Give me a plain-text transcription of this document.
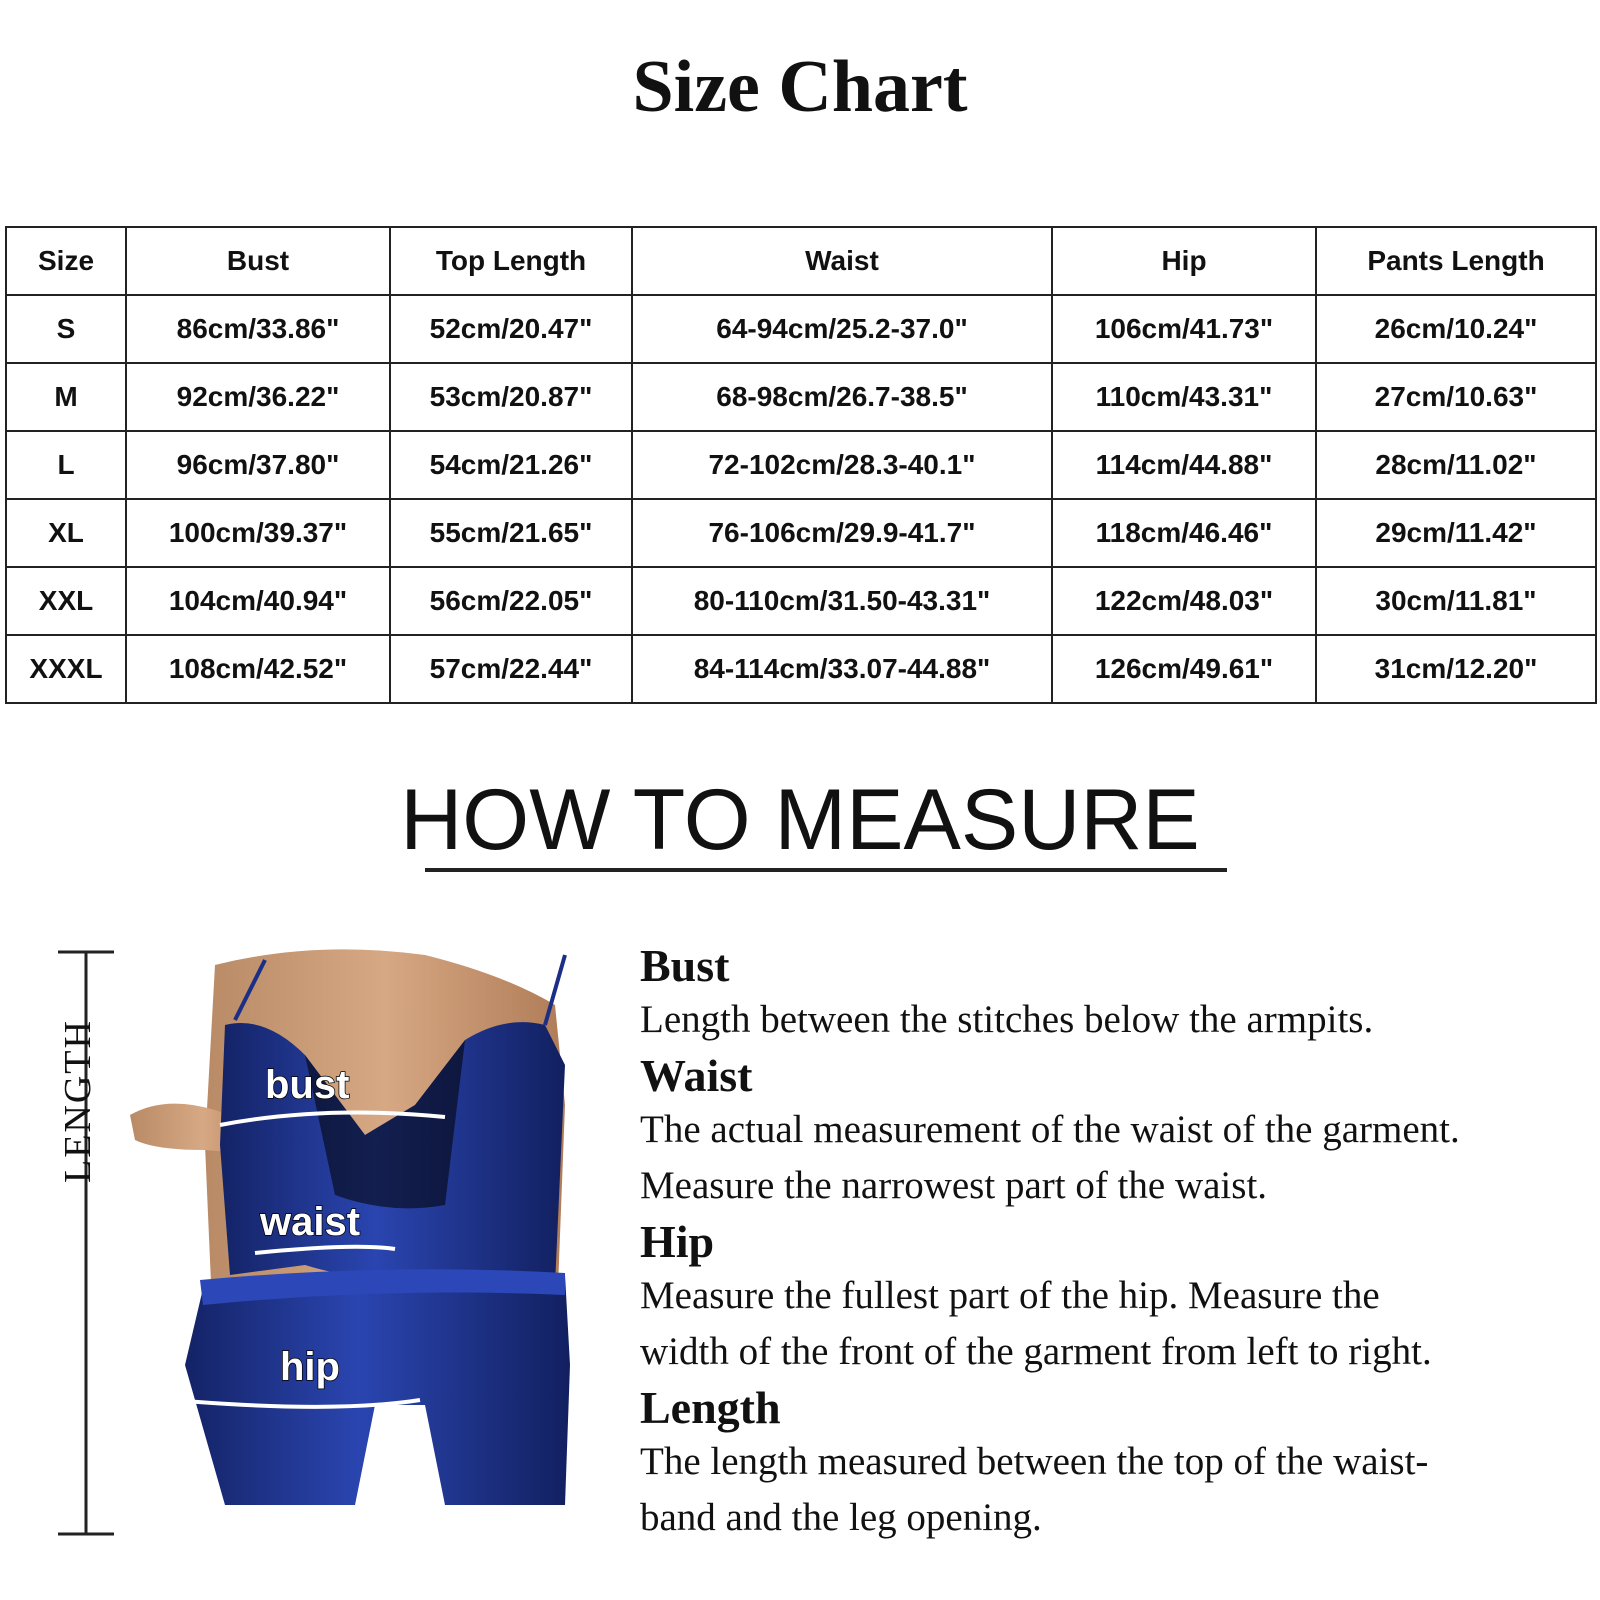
Size Chart
Size	Bust	Top Length	Waist	Hip	Pants Length
S	86cm/33.86"	52cm/20.47"	64-94cm/25.2-37.0"	106cm/41.73"	26cm/10.24"
M	92cm/36.22"	53cm/20.87"	68-98cm/26.7-38.5"	110cm/43.31"	27cm/10.63"
L	96cm/37.80"	54cm/21.26"	72-102cm/28.3-40.1"	114cm/44.88"	28cm/11.02"
XL	100cm/39.37"	55cm/21.65"	76-106cm/29.9-41.7"	118cm/46.46"	29cm/11.42"
XXL	104cm/40.94"	56cm/22.05"	80-110cm/31.50-43.31"	122cm/48.03"	30cm/11.81"
XXXL	108cm/42.52"	57cm/22.44"	84-114cm/33.07-44.88"	126cm/49.61"	31cm/12.20"
HOW TO MEASURE
LENGTH	bust
waist
hip

Bust

Length between the stitches below the armpits.

Waist

The actual measurement of the waist of the garment.

Measure the narrowest part of the waist.

Hip

Measure the fullest part of the hip. Measure the

width of the front of the garment from left to right.

Length

The length measured between the top of the waist-

band and the leg opening.
